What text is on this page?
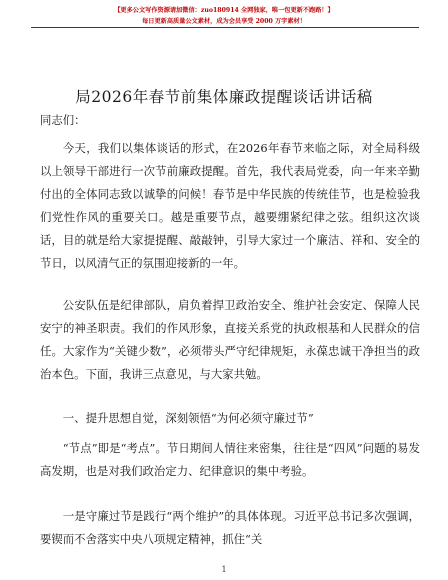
【更多公文写作资源请加微信：zuo180914 全网独家，唯一包更新不跑路！】
每日更新高质量公文素材，成为会员享受 2000 万字素材！
局2026年春节前集体廉政提醒谈话讲话稿

同志们：

今天，我们以集体谈话的形式，在2026年春节来临之际，对全局科级以上领导干部进行一次节前廉政提醒。首先，我代表局党委，向一年来辛勤付出的全体同志致以诚挚的问候！春节是中华民族的传统佳节，也是检验我们党性作风的重要关口。越是重要节点，越要绷紧纪律之弦。组织这次谈话，目的就是给大家提提醒、敲敲钟，引导大家过一个廉洁、祥和、安全的节日，以风清气正的氛围迎接新的一年。

公安队伍是纪律部队，肩负着捍卫政治安全、维护社会安定、保障人民安宁的神圣职责。我们的作风形象，直接关系党的执政根基和人民群众的信任。大家作为“关键少数”，必须带头严守纪律规矩，永葆忠诚干净担当的政治本色。下面，我讲三点意见，与大家共勉。

一、提升思想自觉，深刻领悟“为何必须守廉过节”

“节点”即是“考点”。节日期间人情往来密集，往往是“四风”问题的易发高发期，也是对我们政治定力、纪律意识的集中考验。

一是守廉过节是践行“两个维护”的具体体现。习近平总书记多次强调，要锲而不舍落实中央八项规定精神，抓住“关

1
